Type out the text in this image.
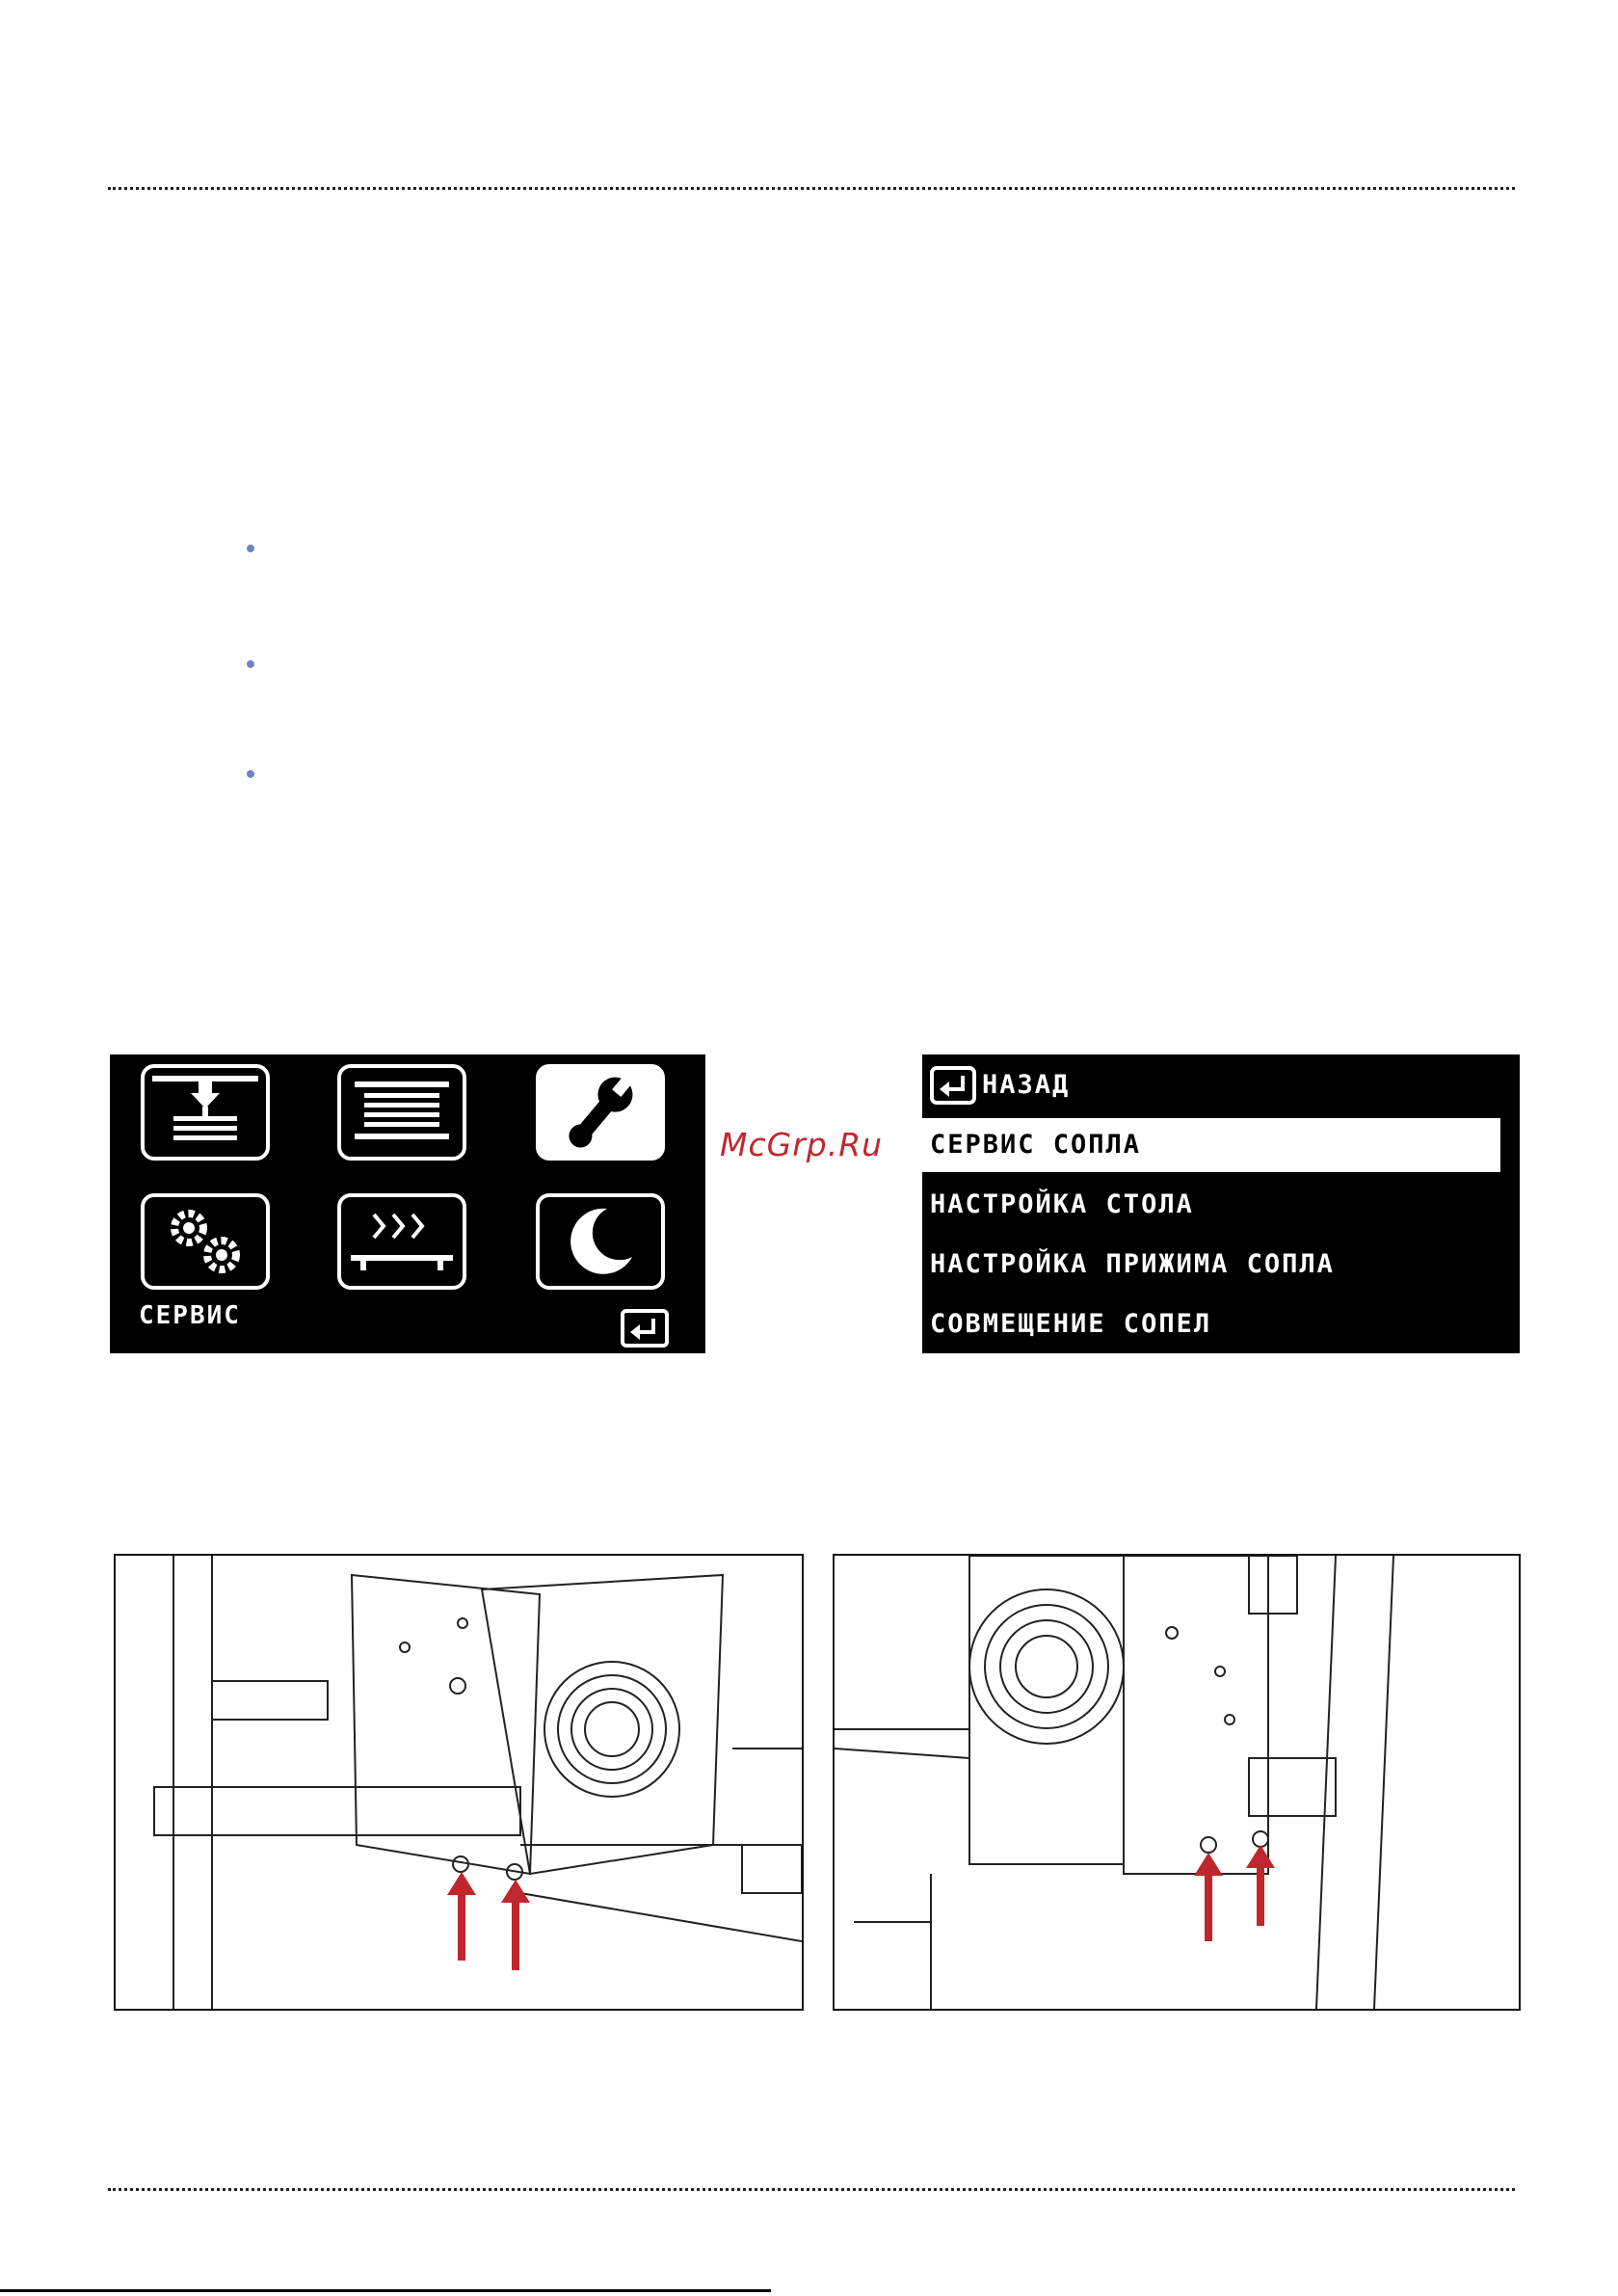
СЕРВИС
McGrp.Ru
НАЗАД
СЕРВИС СОПЛА
НАСТРОЙКА СТОЛА
НАСТРОЙКА ПРИЖИМА СОПЛА
СОВМЕЩЕНИЕ СОПЕЛ
